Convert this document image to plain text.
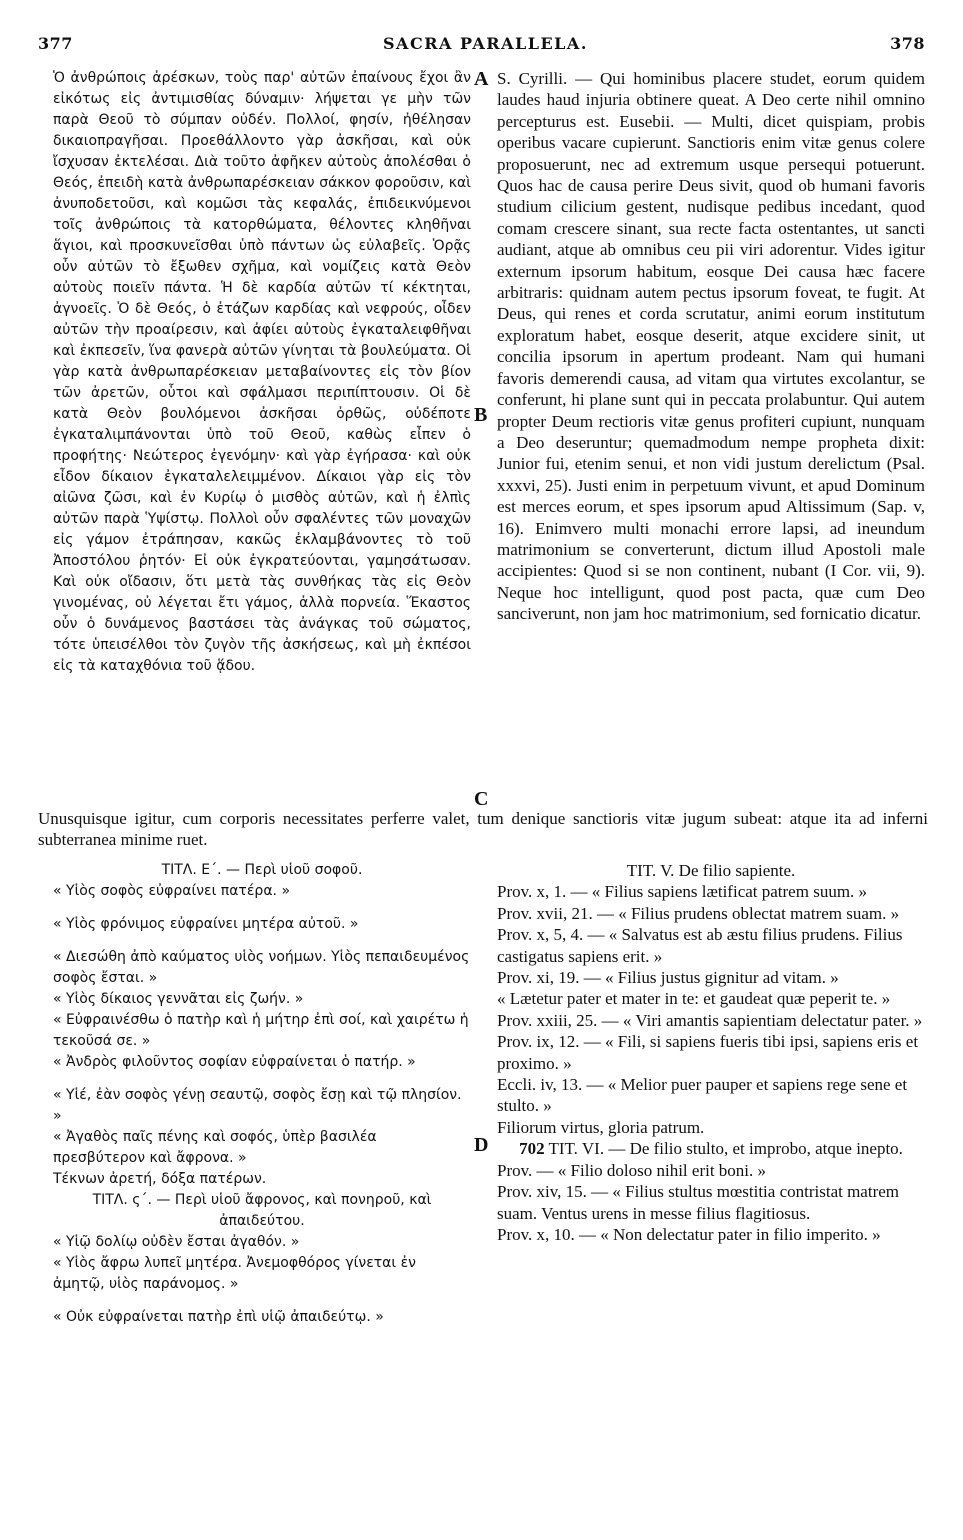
377	SACRA PARALLELA.	378

Ὁ ἀνθρώποις ἀρέσκων, τοὺς παρ' αὐτῶν ἐπαίνους ἔχοι ἂν εἰκότως εἰς ἀντιμισθίας δύναμιν· λήψεται γε μὴν τῶν παρὰ Θεοῦ τὸ σύμπαν οὐδέν. Πολλοί, φησίν, ἠθέλησαν δικαιοπραγῆσαι. Προεθάλλοντο γὰρ ἀσκῆσαι, καὶ οὐκ ἴσχυσαν ἐκτελέσαι. Διὰ τοῦτο ἀφῆκεν αὐτοὺς ἀπολέσθαι ὁ Θεός, ἐπειδὴ κατὰ ἀνθρωπαρέσκειαν σάκκον φοροῦσιν, καὶ ἀνυποδετοῦσι, καὶ κομῶσι τὰς κεφαλάς, ἐπιδεικνύμενοι τοῖς ἀνθρώποις τὰ κατορθώματα, θέλοντες κληθῆναι ἅγιοι, καὶ προσκυνεῖσθαι ὑπὸ πάντων ὡς εὐλαβεῖς. Ὁρᾷς οὖν αὐτῶν τὸ ἔξωθεν σχῆμα, καὶ νομίζεις κατὰ Θεὸν αὐτοὺς ποιεῖν πάντα. Ἡ δὲ καρδία αὐτῶν τί κέκτηται, ἀγνοεῖς. Ὁ δὲ Θεός, ὁ ἐτάζων καρδίας καὶ νεφρούς, οἶδεν αὐτῶν τὴν προαίρεσιν, καὶ ἀφίει αὐτοὺς ἐγκαταλειφθῆναι καὶ ἐκπεσεῖν, ἵνα φανερὰ αὐτῶν γίνηται τὰ βουλεύματα. Οἱ γὰρ κατὰ ἀνθρωπαρέσκειαν μεταβαίνοντες εἰς τὸν βίον τῶν ἀρετῶν, οὗτοι καὶ σφάλμασι περιπίπτουσιν. Οἱ δὲ κατὰ Θεὸν βουλόμενοι ἀσκῆσαι ὀρθῶς, οὐδέποτε ἐγκαταλιμπάνονται ὑπὸ τοῦ Θεοῦ, καθὼς εἶπεν ὁ προφήτης· Νεώτερος ἐγενόμην· καὶ γὰρ ἐγήρασα· καὶ οὐκ εἶδον δίκαιον ἐγκαταλελειμμένον. Δίκαιοι γὰρ εἰς τὸν αἰῶνα ζῶσι, καὶ ἐν Κυρίῳ ὁ μισθὸς αὐτῶν, καὶ ἡ ἐλπὶς αὐτῶν παρὰ Ὑψίστῳ. Πολλοὶ οὖν σφαλέντες τῶν μοναχῶν εἰς γάμον ἐτράπησαν, κακῶς ἐκλαμβάνοντες τὸ τοῦ Ἀποστόλου ῥητόν· Εἰ οὐκ ἐγκρατεύονται, γαμησάτωσαν. Καὶ οὐκ οἴδασιν, ὅτι μετὰ τὰς συνθήκας τὰς εἰς Θεὸν γινομένας, οὐ λέγεται ἔτι γάμος, ἀλλὰ πορνεία. Ἕκαστος οὖν ὁ δυνάμενος βαστάσει τὰς ἀνάγκας τοῦ σώματος, τότε ὑπεισέλθοι τὸν ζυγὸν τῆς ἀσκήσεως, καὶ μὴ ἐκπέσοι εἰς τὰ καταχθόνια τοῦ ᾅδου.

S. Cyrilli. — Qui hominibus placere studet, eorum quidem laudes haud injuria obtinere queat. A Deo certe nihil omnino percepturus est. Eusebii. — Multi, dicet quispiam, probis operibus vacare cupierunt. Sanctioris enim vitæ genus colere proposuerunt, nec ad extremum usque persequi potuerunt. Quos hac de causa perire Deus sivit, quod ob humani favoris studium cilicium gestent, nudisque pedibus incedant, quod comam crescere sinant, sua recte facta ostentantes, ut sancti audiant, atque ab omnibus ceu pii viri adorentur. Vides igitur externum ipsorum habitum, eosque Dei causa hæc facere arbitraris: quidnam autem pectus ipsorum foveat, te fugit. At Deus, qui renes et corda scrutatur, animi eorum institutum exploratum habet, eosque deserit, atque excidere sinit, ut concilia ipsorum in apertum prodeant. Nam qui humani favoris demerendi causa, ad vitam qua virtutes excolantur, se conferunt, hi plane sunt qui in peccata prolabuntur. Qui autem propter Deum rectioris vitæ genus profiteri cupiunt, nunquam a Deo deseruntur; quemadmodum nempe propheta dixit: Junior fui, etenim senui, et non vidi justum derelictum (Psal. xxxvi, 25). Justi enim in perpetuum vivunt, et apud Dominum est merces eorum, et spes ipsorum apud Altissimum (Sap. v, 16). Enimvero multi monachi errore lapsi, ad ineundum matrimonium se converterunt, dictum illud Apostoli male accipientes: Quod si se non continent, nubant (I Cor. vii, 9). Neque hoc intelligunt, quod post pacta, quæ cum Deo sanciverunt, non jam hoc matrimonium, sed fornicatio dicatur.

A
B
C
D
Unusquisque igitur, cum corporis necessitates perferre valet, tum denique sanctioris vitæ jugum subeat: atque ita ad inferni subterranea minime ruet.

ΤΙΤΛ. Ε΄. — Περὶ υἱοῦ σοφοῦ.

« Υἱὸς σοφὸς εὐφραίνει πατέρα. »

« Υἱὸς φρόνιμος εὐφραίνει μητέρα αὐτοῦ. »

« Διεσώθη ἀπὸ καύματος υἱὸς νοήμων. Υἱὸς πεπαιδευμένος σοφὸς ἔσται. »

« Υἱὸς δίκαιος γεννᾶται εἰς ζωήν. »

« Εὐφραινέσθω ὁ πατὴρ καὶ ἡ μήτηρ ἐπὶ σοί, καὶ χαιρέτω ἡ τεκοῦσά σε. »

« Ἀνδρὸς φιλοῦντος σοφίαν εὐφραίνεται ὁ πατήρ. »

« Υἱέ, ἐὰν σοφὸς γένῃ σεαυτῷ, σοφὸς ἔσῃ καὶ τῷ πλησίον. »

« Ἀγαθὸς παῖς πένης καὶ σοφός, ὑπὲρ βασιλέα πρεσβύτερον καὶ ἄφρονα. »

Τέκνων ἀρετή, δόξα πατέρων.

ΤΙΤΛ. ς΄. — Περὶ υἱοῦ ἄφρονος, καὶ πονηροῦ, καὶ ἀπαιδεύτου.

« Υἱῷ δολίῳ οὐδὲν ἔσται ἀγαθόν. »

« Υἱὸς ἄφρω λυπεῖ μητέρα. Ἀνεμοφθόρος γίνεται ἐν ἀμητῷ, υἱὸς παράνομος. »

« Οὐκ εὐφραίνεται πατὴρ ἐπὶ υἱῷ ἀπαιδεύτῳ. »

TIT. V. De filio sapiente.

Prov. x, 1. — « Filius sapiens lætificat patrem suum. »

Prov. xvii, 21. — « Filius prudens oblectat matrem suam. »

Prov. x, 5, 4. — « Salvatus est ab æstu filius prudens. Filius castigatus sapiens erit. »

Prov. xi, 19. — « Filius justus gignitur ad vitam. »

« Lætetur pater et mater in te: et gaudeat quæ peperit te. »

Prov. xxiii, 25. — « Viri amantis sapientiam delectatur pater. »

Prov. ix, 12. — « Fili, si sapiens fueris tibi ipsi, sapiens eris et proximo. »

Eccli. iv, 13. — « Melior puer pauper et sapiens rege sene et stulto. »

Filiorum virtus, gloria patrum.

702 TIT. VI. — De filio stulto, et improbo, atque inepto.

Prov. — « Filio doloso nihil erit boni. »

Prov. xiv, 15. — « Filius stultus mœstitia contristat matrem suam. Ventus urens in messe filius flagitiosus.

Prov. x, 10. — « Non delectatur pater in filio imperito. »
